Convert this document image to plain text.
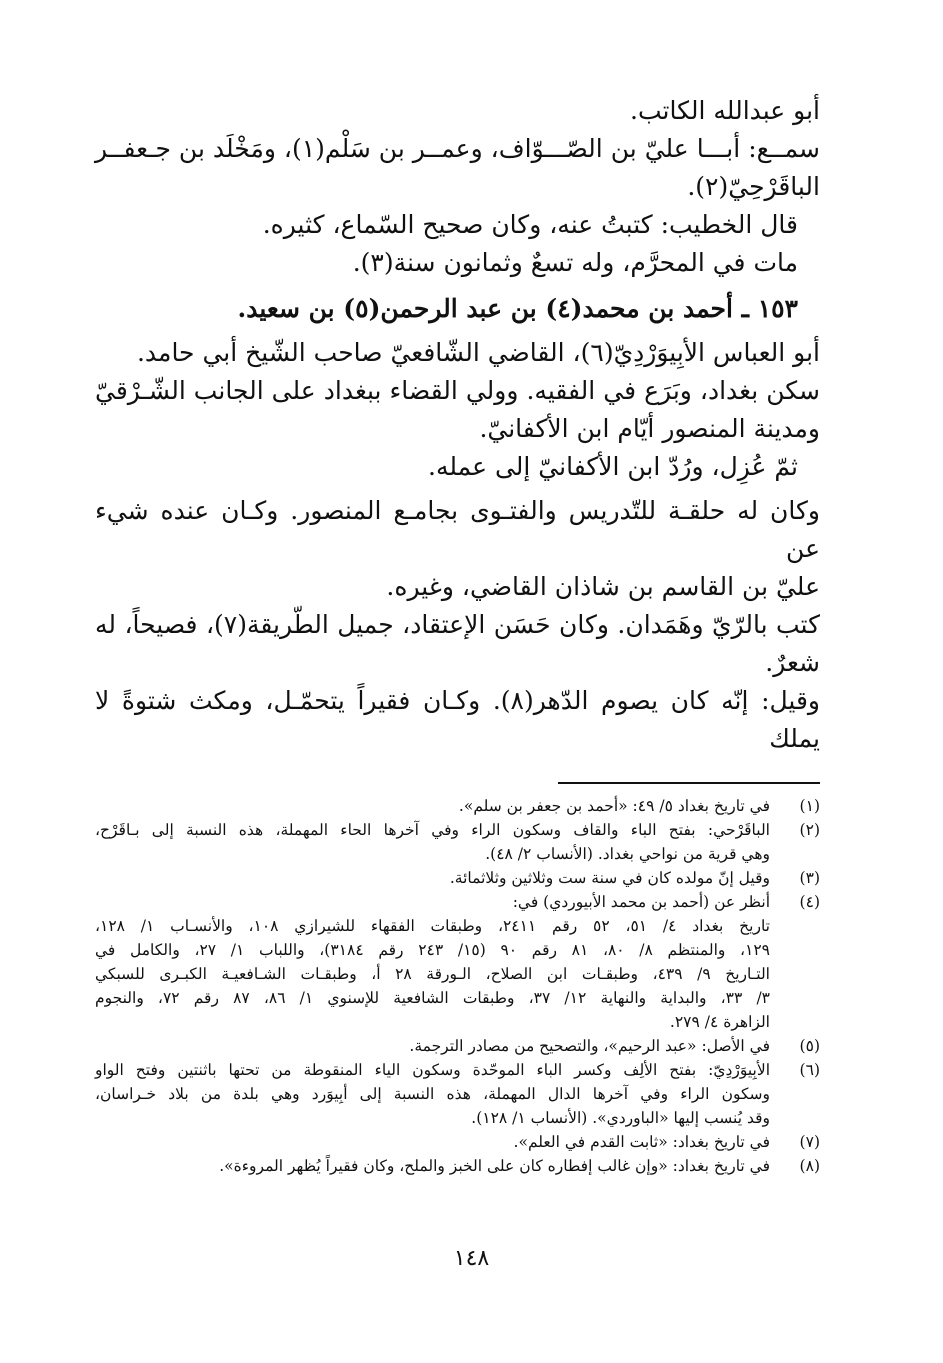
أبو عبدالله الكاتب.

سمــع: أبـــا عليّ بن الصّـــوّاف، وعمــر بن سَلْم(١)، ومَخْلَد بن جـعفــر

الباقَرْحِيّ(٢).

قال الخطيب: كتبتُ عنه، وكان صحيح السّماع، كثيره.

مات في المحرَّم، وله تسعٌ وثمانون سنة(٣).

١٥٣ ـ أحمد بن محمد(٤) بن عبد الرحمن(٥) بن سعيد.

أبو العباس الأبِيوَرْدِيّ(٦)، القاضي الشّافعيّ صاحب الشّيخ أبي حامد.

سكن بغداد، وبَرَع في الفقيه. وولي القضاء ببغداد على الجانب الشّـرْقيّ

ومدينة المنصور أيّام ابن الأكفانيّ.

ثمّ عُزِل، ورُدّ ابن الأكفانيّ إلى عمله.

وكان له حلقـة للتّدريس والفتـوى بجامـع المنصور. وكـان عنده شيء عن

عليّ بن القاسم بن شاذان القاضي، وغيره.

كتب بالرّيّ وهَمَدان. وكان حَسَن الإعتقاد، جميل الطّريقة(٧)، فصيحاً، له

شعرٌ.

وقيل: إنّه كان يصوم الدّهر(٨). وكـان فقيراً يتحمّـل، ومكث شتوةً لا يملك

(١)
في تاريخ بغداد ٥/ ٤٩: «أحمد بن جعفر بن سلم».
(٢)
الباقَرْحي: بفتح الباء والقاف وسكون الراء وفي آخرها الحاء المهملة، هذه النسبة إلى بـاقَرْح،
وهي قرية من نواحي بغداد. (الأنساب ٢/ ٤٨).
(٣)
وقيل إنّ مولده كان في سنة ست وثلاثين وثلاثمائة.
(٤)
أنظر عن (أحمد بن محمد الأبيوردي) في:
تاريخ بغداد ٤/ ٥١، ٥٢ رقم ٢٤١١، وطبقات الفقهاء للشيرازي ١٠٨، والأنسـاب ١/ ١٢٨،
١٢٩، والمنتظم ٨/ ٨٠، ٨١ رقم ٩٠ (١٥/ ٢٤٣ رقم ٣١٨٤)، واللباب ١/ ٢٧، والكامل في
التـاريخ ٩/ ٤٣٩، وطبقـات ابن الصلاح، الـورقة ٢٨ أ، وطبقـات الشـافعيـة الكبـرى للسبكي
٣/ ٣٣، والبداية والنهاية ١٢/ ٣٧، وطبقات الشافعية للإسنوي ١/ ٨٦، ٨٧ رقم ٧٢، والنجوم
الزاهرة ٤/ ٢٧٩.
(٥)
في الأصل: «عبد الرحيم»، والتصحيح من مصادر الترجمة.
(٦)
الأبِيوَرْدِيّ: بفتح الألِف وكسر الباء الموحّدة وسكون الياء المنقوطة من تحتها باثنتين وفتح الواو
وسكون الراء وفي آخرها الدال المهملة، هذه النسبة إلى أبِيوَرد وهي بلدة من بلاد خـراسان،
وقد يُنسب إليها «الباوردي». (الأنساب ١/ ١٢٨).
(٧)
في تاريخ بغداد: «ثابت القدم في العلم».
(٨)
في تاريخ بغداد: «وإن غالب إفطاره كان على الخبز والملح، وكان فقيراً يُظهر المروءة».
١٤٨
